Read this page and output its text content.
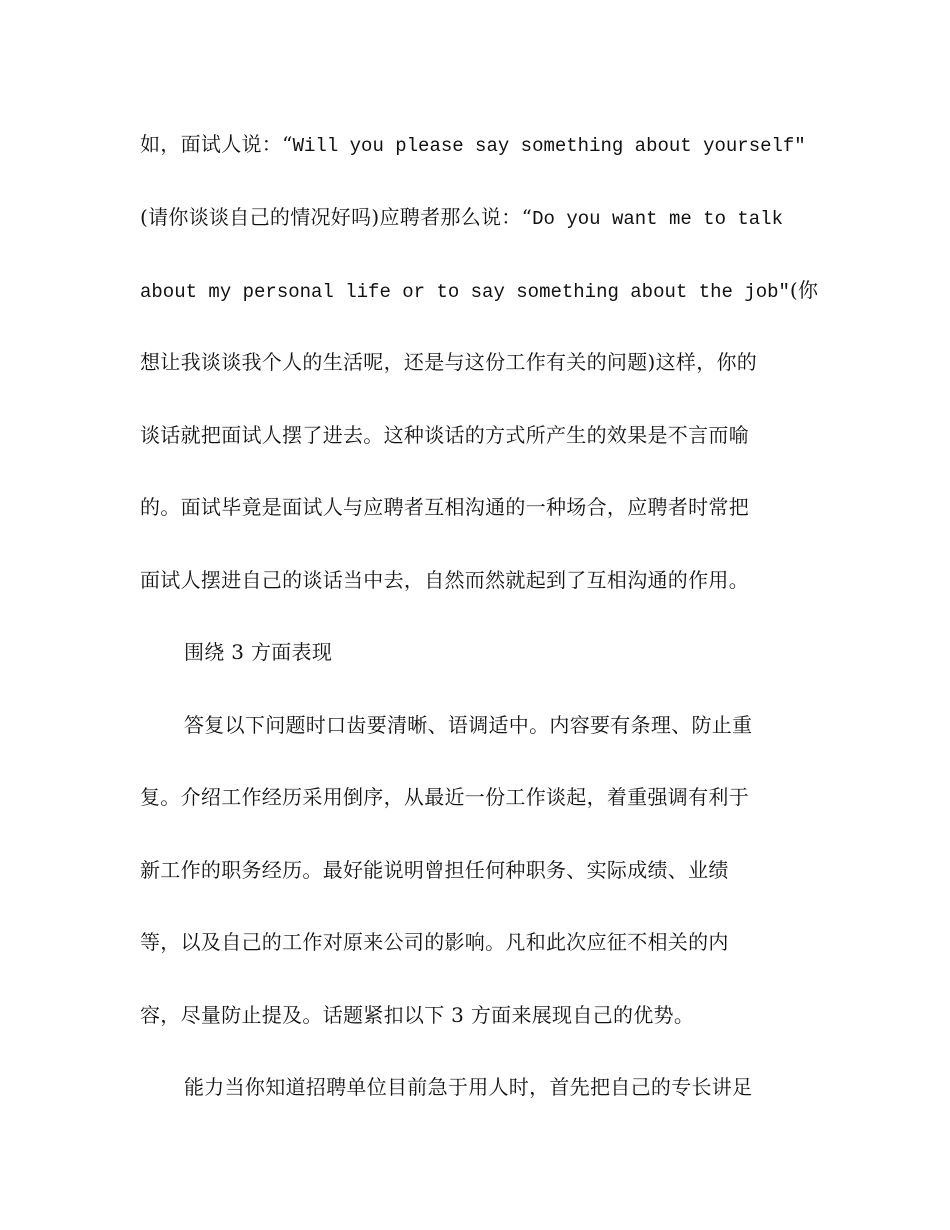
如，面试人说：“Will you please say something about yourself″
(请你谈谈自己的情况好吗)应聘者那么说：“Do you want me to talk
about my personal life or to say something about the job″(你
想让我谈谈我个人的生活呢，还是与这份工作有关的问题)这样，你的
谈话就把面试人摆了进去。这种谈话的方式所产生的效果是不言而喻
的。面试毕竟是面试人与应聘者互相沟通的一种场合，应聘者时常把
面试人摆进自己的谈话当中去，自然而然就起到了互相沟通的作用。
围绕 3 方面表现
答复以下问题时口齿要清晰、语调适中。内容要有条理、防止重
复。介绍工作经历采用倒序，从最近一份工作谈起，着重强调有利于
新工作的职务经历。最好能说明曾担任何种职务、实际成绩、业绩
等，以及自己的工作对原来公司的影响。凡和此次应征不相关的内
容，尽量防止提及。话题紧扣以下 3 方面来展现自己的优势。
能力当你知道招聘单位目前急于用人时，首先把自己的专长讲足
